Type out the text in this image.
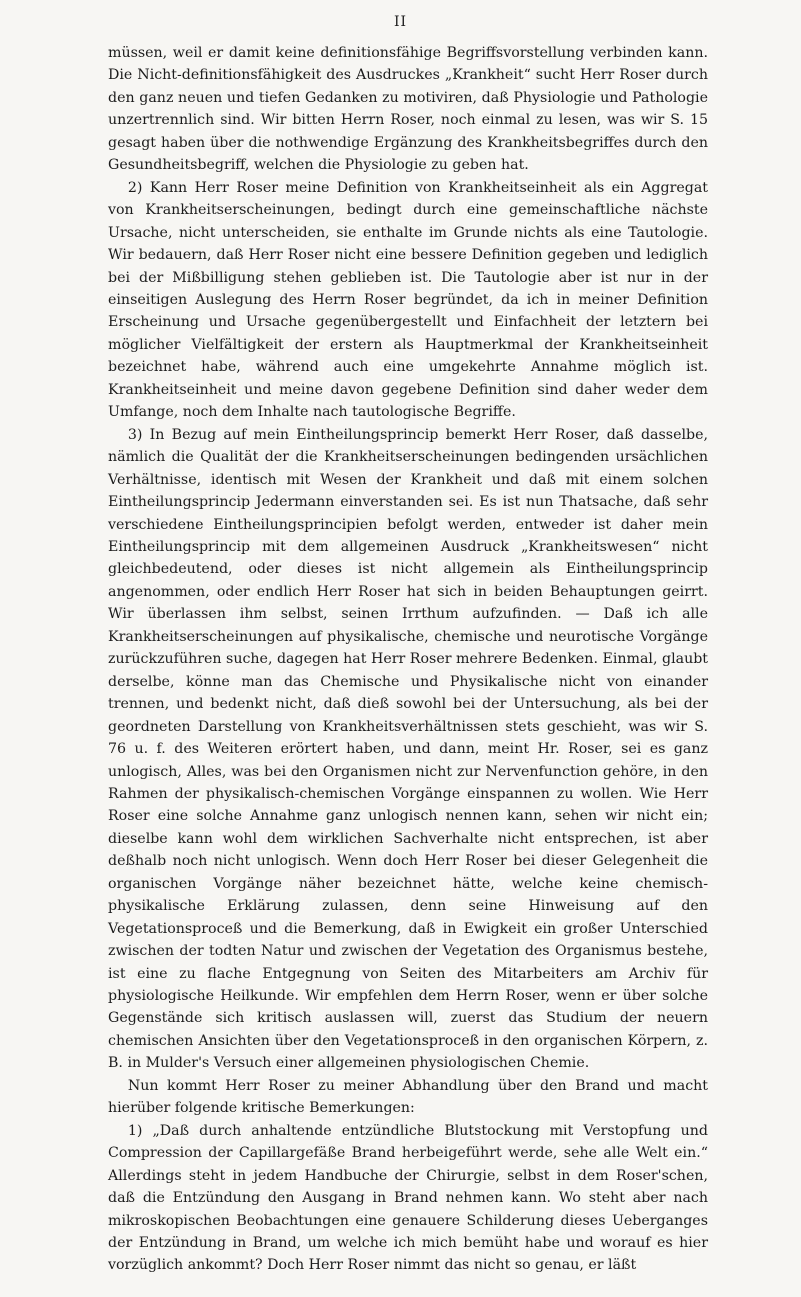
II

müssen, weil er damit keine definitionsfähige Begriffsvorstellung verbinden kann. Die Nicht-definitionsfähigkeit des Ausdruckes „Krankheit“ sucht Herr Roser durch den ganz neuen und tiefen Gedanken zu motiviren, daß Physiologie und Pathologie unzertrennlich sind. Wir bitten Herrn Roser, noch einmal zu lesen, was wir S. 15 gesagt haben über die nothwendige Ergänzung des Krankheitsbegriffes durch den Gesundheitsbegriff, welchen die Physiologie zu geben hat.

2) Kann Herr Roser meine Definition von Krankheitseinheit als ein Aggregat von Krankheitserscheinungen, bedingt durch eine gemeinschaftliche nächste Ursache, nicht unterscheiden, sie enthalte im Grunde nichts als eine Tautologie. Wir bedauern, daß Herr Roser nicht eine bessere Definition gegeben und lediglich bei der Mißbilligung stehen geblieben ist. Die Tautologie aber ist nur in der einseitigen Auslegung des Herrn Roser begründet, da ich in meiner Definition Erscheinung und Ursache gegenübergestellt und Einfachheit der letztern bei möglicher Vielfältigkeit der erstern als Hauptmerkmal der Krankheitseinheit bezeichnet habe, während auch eine umgekehrte Annahme möglich ist. Krankheitseinheit und meine davon gegebene Definition sind daher weder dem Umfange, noch dem Inhalte nach tautologische Begriffe.

3) In Bezug auf mein Eintheilungsprincip bemerkt Herr Roser, daß dasselbe, nämlich die Qualität der die Krankheitserscheinungen bedingenden ursächlichen Verhältnisse, identisch mit Wesen der Krankheit und daß mit einem solchen Eintheilungsprincip Jedermann einverstanden sei. Es ist nun Thatsache, daß sehr verschiedene Eintheilungsprincipien befolgt werden, entweder ist daher mein Eintheilungsprincip mit dem allgemeinen Ausdruck „Krankheitswesen“ nicht gleichbedeutend, oder dieses ist nicht allgemein als Eintheilungsprincip angenommen, oder endlich Herr Roser hat sich in beiden Behauptungen geirrt. Wir überlassen ihm selbst, seinen Irrthum aufzufinden. — Daß ich alle Krankheitserscheinungen auf physikalische, chemische und neurotische Vorgänge zurückzuführen suche, dagegen hat Herr Roser mehrere Bedenken. Einmal, glaubt derselbe, könne man das Chemische und Physikalische nicht von einander trennen, und bedenkt nicht, daß dieß sowohl bei der Untersuchung, als bei der geordneten Darstellung von Krankheitsverhältnissen stets geschieht, was wir S. 76 u. f. des Weiteren erörtert haben, und dann, meint Hr. Roser, sei es ganz unlogisch, Alles, was bei den Organismen nicht zur Nervenfunction gehöre, in den Rahmen der physikalisch-chemischen Vorgänge einspannen zu wollen. Wie Herr Roser eine solche Annahme ganz unlogisch nennen kann, sehen wir nicht ein; dieselbe kann wohl dem wirklichen Sachverhalte nicht entsprechen, ist aber deßhalb noch nicht unlogisch. Wenn doch Herr Roser bei dieser Gelegenheit die organischen Vorgänge näher bezeichnet hätte, welche keine chemisch-physikalische Erklärung zulassen, denn seine Hinweisung auf den Vegetationsproceß und die Bemerkung, daß in Ewigkeit ein großer Unterschied zwischen der todten Natur und zwischen der Vegetation des Organismus bestehe, ist eine zu flache Entgegnung von Seiten des Mitarbeiters am Archiv für physiologische Heilkunde. Wir empfehlen dem Herrn Roser, wenn er über solche Gegenstände sich kritisch auslassen will, zuerst das Studium der neuern chemischen Ansichten über den Vegetationsproceß in den organischen Körpern, z. B. in Mulder's Versuch einer allgemeinen physiologischen Chemie.

Nun kommt Herr Roser zu meiner Abhandlung über den Brand und macht hierüber folgende kritische Bemerkungen:

1) „Daß durch anhaltende entzündliche Blutstockung mit Verstopfung und Compression der Capillargefäße Brand herbeigeführt werde, sehe alle Welt ein.“ Allerdings steht in jedem Handbuche der Chirurgie, selbst in dem Roser'schen, daß die Entzündung den Ausgang in Brand nehmen kann. Wo steht aber nach mikroskopischen Beobachtungen eine genauere Schilderung dieses Ueberganges der Entzündung in Brand, um welche ich mich bemüht habe und worauf es hier vorzüglich ankommt? Doch Herr Roser nimmt das nicht so genau, er läßt
